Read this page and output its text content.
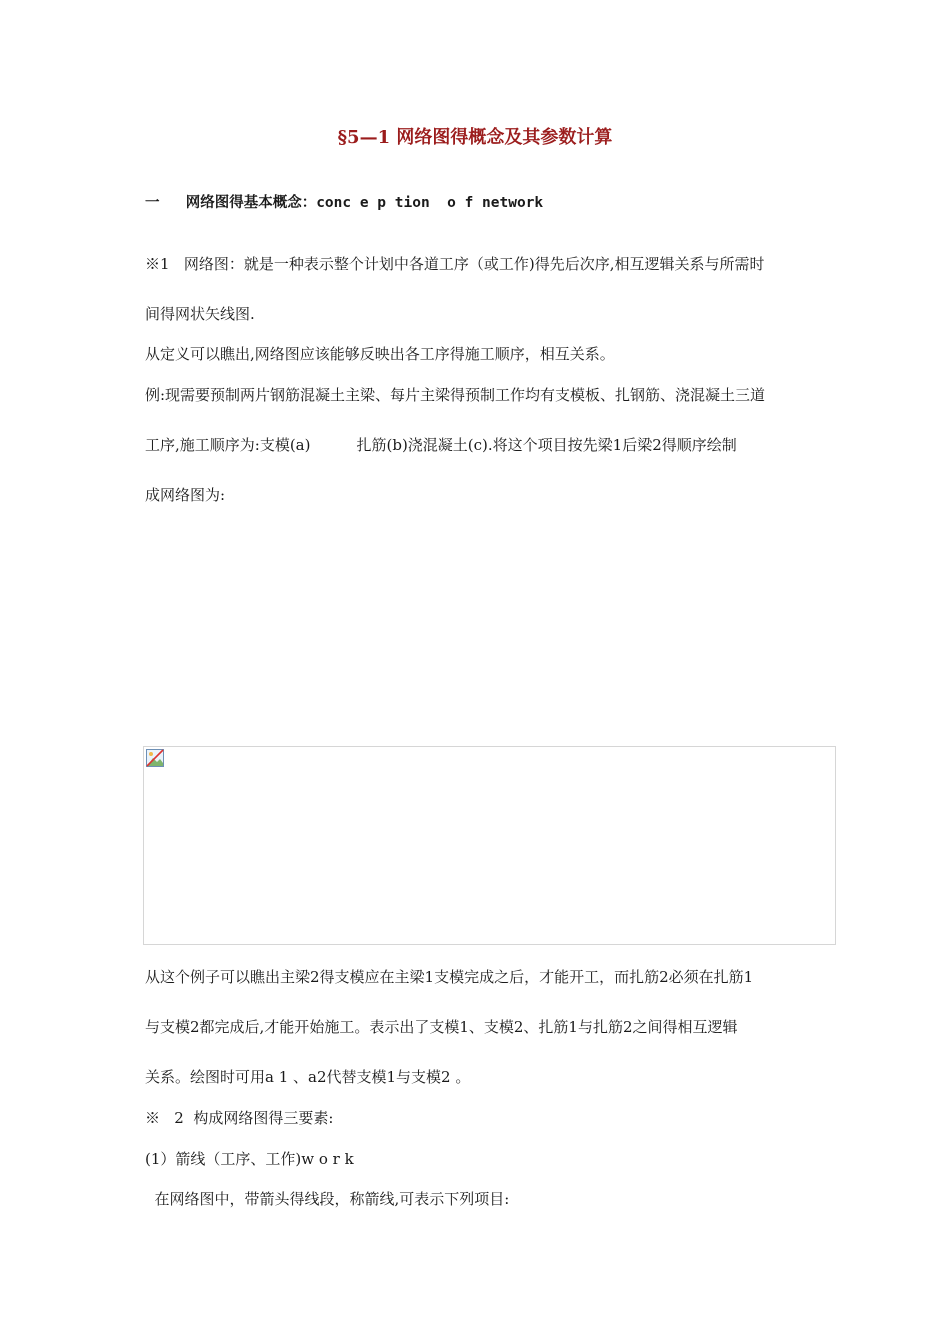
§5—1 网络图得概念及其参数计算
一   网络图得基本概念：conc e p tion  o f network
※1   网络图：就是一种表示整个计划中各道工序（或工作)得先后次序,相互逻辑关系与所需时
间得网状矢线图.
从定义可以瞧出,网络图应该能够反映出各工序得施工顺序，相互关系。
例:现需要预制两片钢筋混凝土主梁、每片主梁得预制工作均有支模板、扎钢筋、浇混凝土三道
工序,施工顺序为:支模(a)	扎筋(b)浇混凝土(c).将这个项目按先梁1后梁2得顺序绘制
成网络图为:
从这个例子可以瞧出主梁2得支模应在主梁1支模完成之后，才能开工，而扎筋2必须在扎筋1
与支模2都完成后,才能开始施工。表示出了支模1、支模2、扎筋1与扎筋2之间得相互逻辑
关系。绘图时可用a 1 、a2代替支模1与支模2 。
※   2  构成网络图得三要素:
(1）箭线（工序、工作)w o r k
在网络图中，带箭头得线段，称箭线,可表示下列项目:
